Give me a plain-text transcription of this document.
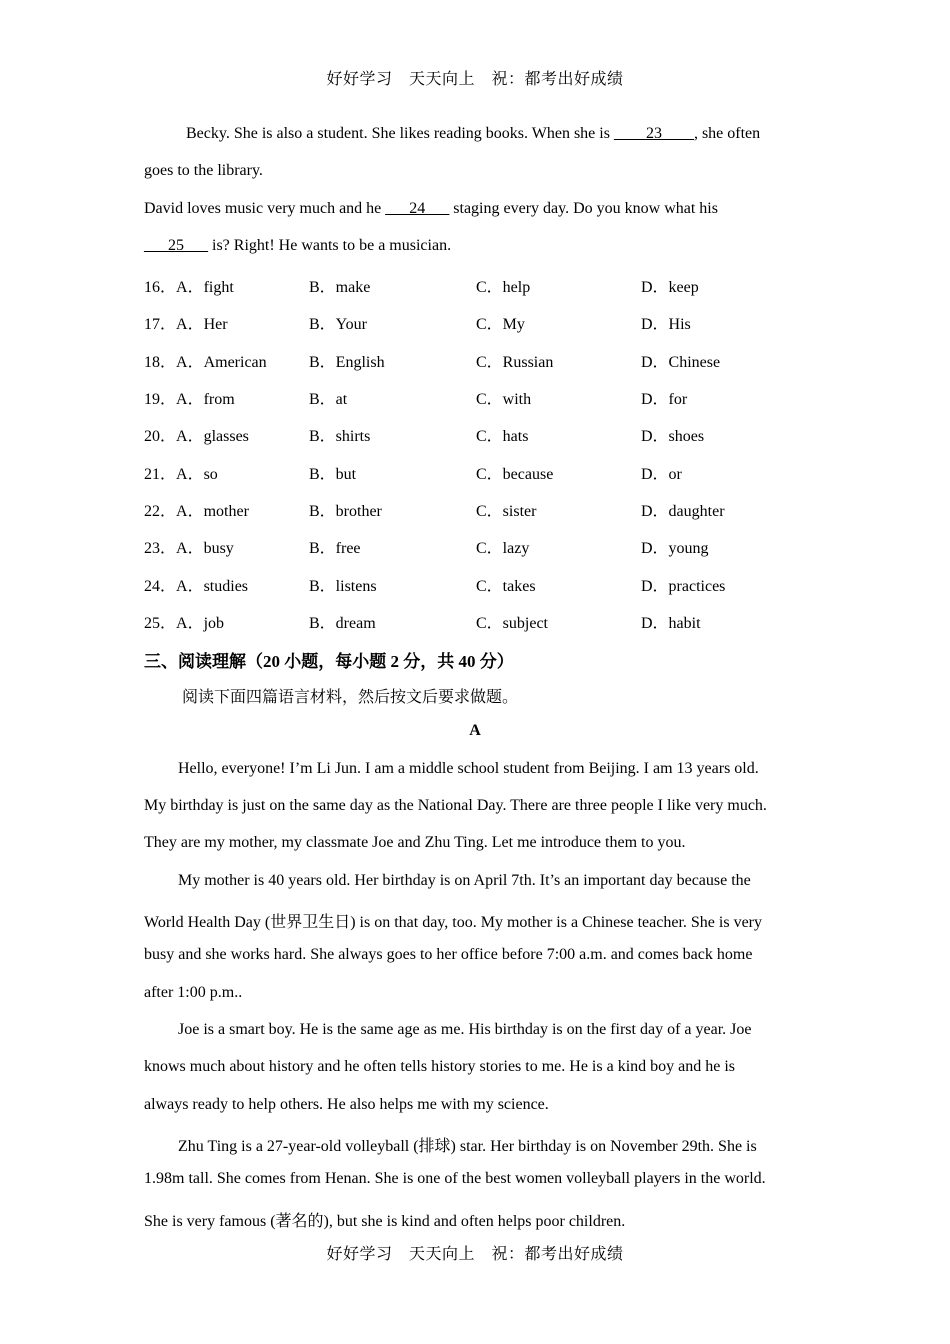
好好学习　天天向上　祝：都考出好成绩
Becky. She is also a student. She likes reading books. When she is ____23____, she often
goes to the library.
David loves music very much and he ___24___ staging every day. Do you know what his
___25___ is? Right! He wants to be a musician.
16．A．fight	B．make	C．help	D．keep
17．A．Her	B．Your	C．My	D．His
18．A．American	B．English	C．Russian	D．Chinese
19．A．from	B．at	C．with	D．for
20．A．glasses	B．shirts	C．hats	D．shoes
21．A．so	B．but	C．because	D．or
22．A．mother	B．brother	C．sister	D．daughter
23．A．busy	B．free	C．lazy	D．young
24．A．studies	B．listens	C．takes	D．practices
25．A．job	B．dream	C．subject	D．habit
三、阅读理解（20 小题，每小题 2 分，共 40 分）
阅读下面四篇语言材料，然后按文后要求做题。
A
Hello, everyone! I’m Li Jun. I am a middle school student from Beijing. I am 13 years old.
My birthday is just on the same day as the National Day. There are three people I like very much.
They are my mother, my classmate Joe and Zhu Ting. Let me introduce them to you.
My mother is 40 years old. Her birthday is on April 7th. It’s an important day because the
World Health Day (世界卫生日) is on that day, too. My mother is a Chinese teacher. She is very
busy and she works hard. She always goes to her office before 7:00 a.m. and comes back home
after 1:00 p.m..
Joe is a smart boy. He is the same age as me. His birthday is on the first day of a year. Joe
knows much about history and he often tells history stories to me. He is a kind boy and he is
always ready to help others. He also helps me with my science.
Zhu Ting is a 27-year-old volleyball (排球) star. Her birthday is on November 29th. She is
1.98m tall. She comes from Henan. She is one of the best women volleyball players in the world.
She is very famous (著名的), but she is kind and often helps poor children.
好好学习　天天向上　祝：都考出好成绩
